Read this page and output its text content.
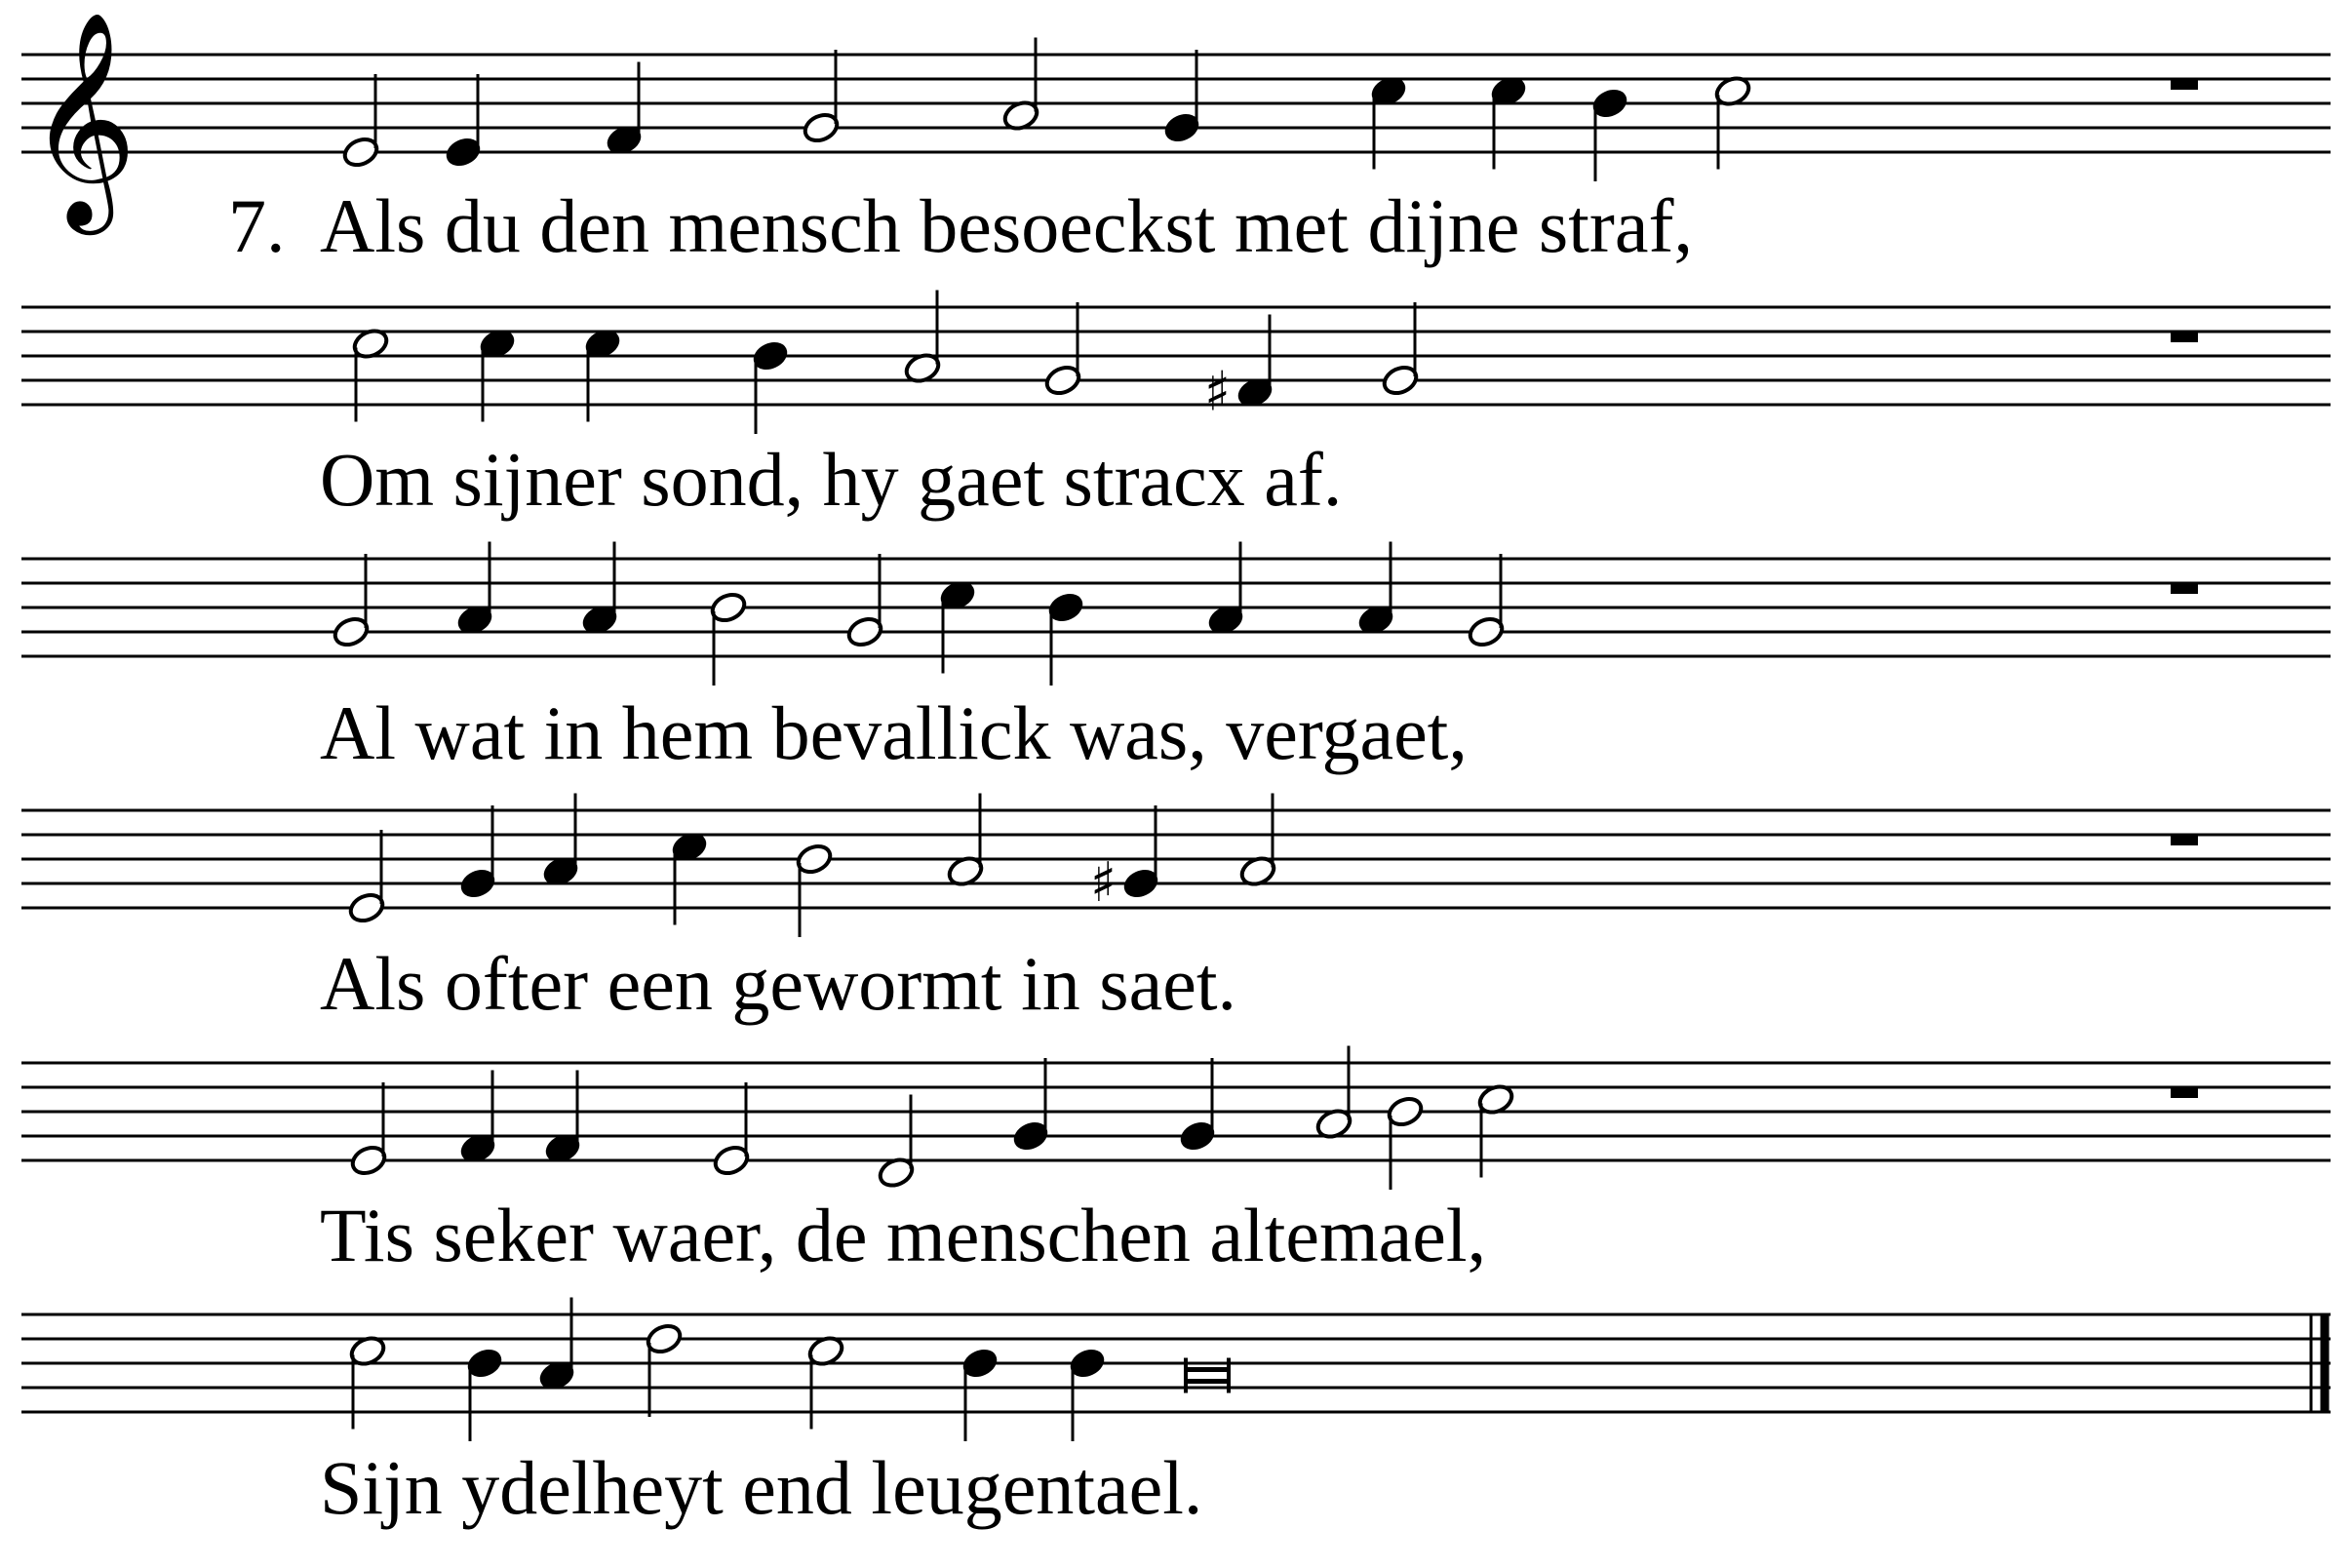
𝄞
♯
♯
7. Als du den mensch besoeckst met dijne straf,
Om sijner sond, hy gaet stracx af.
Al wat in hem bevallick was, vergaet,
Als ofter een gewormt in saet.
Tis seker waer, de menschen altemael,
Sijn ydelheyt end leugentael.
